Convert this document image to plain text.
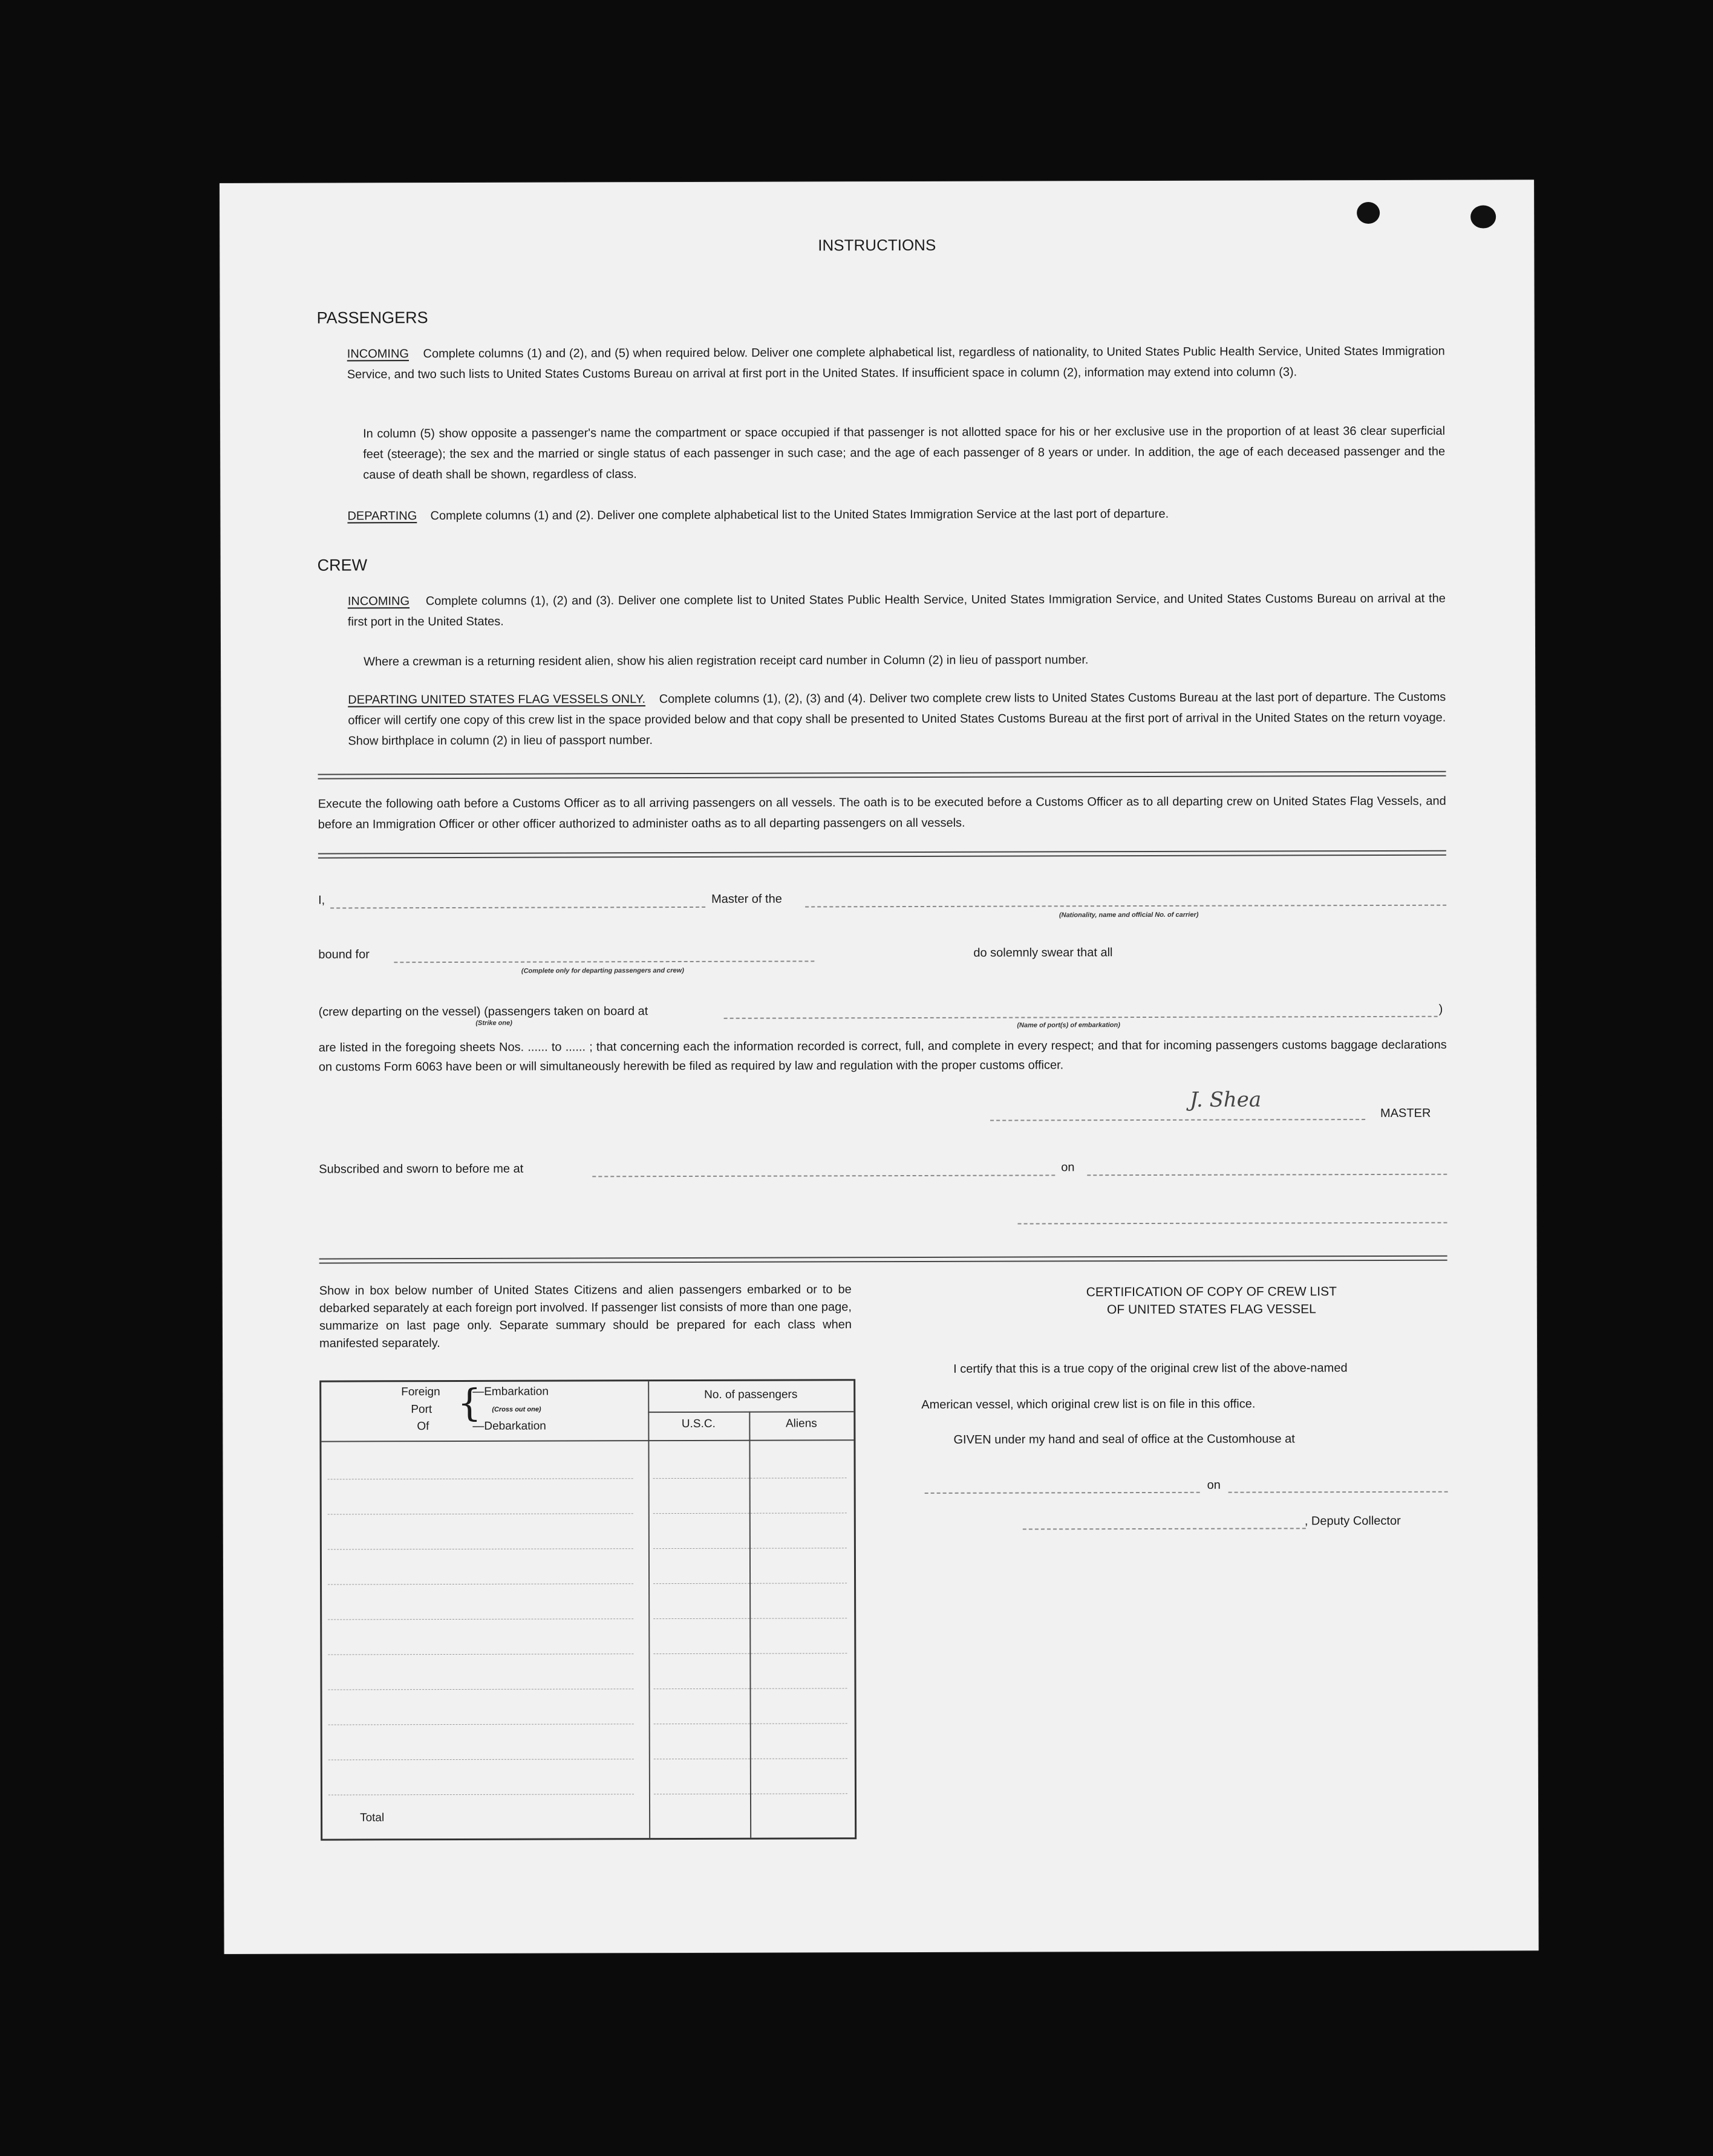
INSTRUCTIONS
PASSENGERS
INCOMING Complete columns (1) and (2), and (5) when required below. Deliver one complete alphabetical list, regardless of nationality, to United States Public Health Service, United States Immigration Service, and two such lists to United States Customs Bureau on arrival at first port in the United States. If insufficient space in column (2), information may extend into column (3).
In column (5) show opposite a passenger's name the compartment or space occupied if that passenger is not allotted space for his or her exclusive use in the proportion of at least 36 clear superficial feet (steerage); the sex and the married or single status of each passenger in such case; and the age of each passenger of 8 years or under. In addition, the age of each deceased passenger and the cause of death shall be shown, regardless of class.
DEPARTING Complete columns (1) and (2). Deliver one complete alphabetical list to the United States Immigration Service at the last port of departure.
CREW
INCOMING Complete columns (1), (2) and (3). Deliver one complete list to United States Public Health Service, United States Immigration Service, and United States Customs Bureau on arrival at the first port in the United States.
Where a crewman is a returning resident alien, show his alien registration receipt card number in Column (2) in lieu of passport number.
DEPARTING UNITED STATES FLAG VESSELS ONLY. Complete columns (1), (2), (3) and (4). Deliver two complete crew lists to United States Customs Bureau at the last port of departure. The Customs officer will certify one copy of this crew list in the space provided below and that copy shall be presented to United States Customs Bureau at the first port of arrival in the United States on the return voyage. Show birthplace in column (2) in lieu of passport number.
Execute the following oath before a Customs Officer as to all arriving passengers on all vessels. The oath is to be executed before a Customs Officer as to all departing crew on United States Flag Vessels, and before an Immigration Officer or other officer authorized to administer oaths as to all departing passengers on all vessels.
I,	Master of the
(Nationality, name and official No. of carrier)
bound for
(Complete only for departing passengers and crew)
do solemnly swear that all
(crew departing on the vessel) (passengers taken on board at
(Strike one)
)
(Name of port(s) of embarkation)
are listed in the foregoing sheets Nos. ...... to ...... ; that concerning each the information recorded is correct, full, and complete in every respect; and that for incoming passengers customs baggage declarations on customs Form 6063 have been or will simultaneously herewith be filed as required by law and regulation with the proper customs officer.
J. Shea
MASTER
Subscribed and sworn to before me at	on
Show in box below number of United States Citizens and alien passengers embarked or to be debarked separately at each foreign port involved. If passenger list consists of more than one page, summarize on last page only. Separate summary should be prepared for each class when manifested separately.
Foreign
Port
Of
{
—Embarkation
(Cross out one)
—Debarkation
No. of passengers
U.S.C.	Aliens
Total
CERTIFICATION OF COPY OF CREW LIST
OF UNITED STATES FLAG VESSEL
I certify that this is a true copy of the original crew list of the above-named
American vessel, which original crew list is on file in this office.
GIVEN under my hand and seal of office at the Customhouse at
on
, Deputy Collector
